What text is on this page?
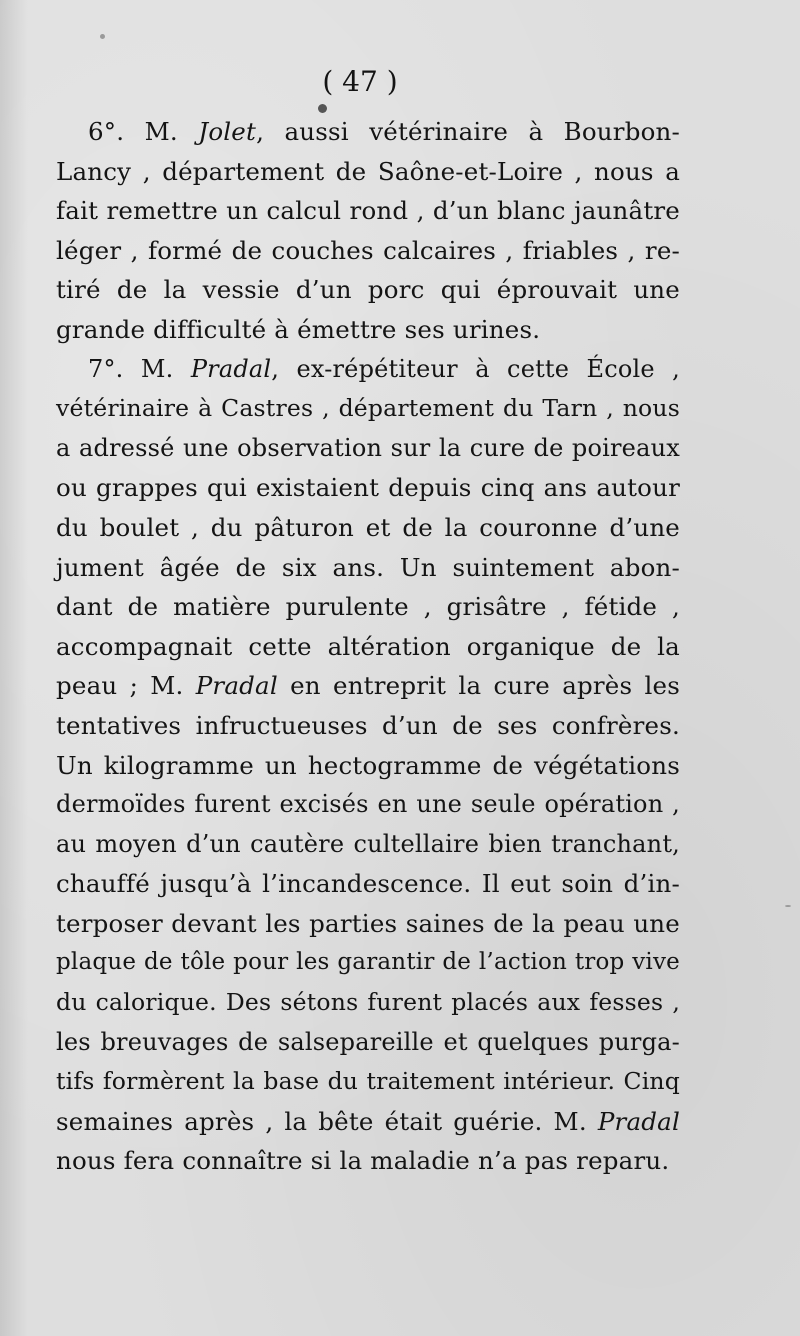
( 47 )
6°. M. Jolet, aussi vétérinaire à Bourbon-
Lancy , département de Saône-et-Loire , nous a
fait remettre un calcul rond , d’un blanc jaunâtre
léger , formé de couches calcaires , friables , re-
tiré de la vessie d’un porc qui éprouvait une
grande difficulté à émettre ses urines.
7°. M. Pradal, ex-répétiteur à cette École ,
vétérinaire à Castres , département du Tarn , nous
a adressé une observation sur la cure de poireaux
ou grappes qui existaient depuis cinq ans autour
du boulet , du pâturon et de la couronne d’une
jument âgée de six ans. Un suintement abon-
dant de matière purulente , grisâtre , fétide ,
accompagnait cette altération organique de la
peau ; M. Pradal en entreprit la cure après les
tentatives infructueuses d’un de ses confrères.
Un kilogramme un hectogramme de végétations
dermoïdes furent excisés en une seule opération ,
au moyen d’un cautère cultellaire bien tranchant,
chauffé jusqu’à l’incandescence. Il eut soin d’in-
terposer devant les parties saines de la peau une
plaque de tôle pour les garantir de l’action trop vive
du calorique. Des sétons furent placés aux fesses ,
les breuvages de salsepareille et quelques purga-
tifs formèrent la base du traitement intérieur. Cinq
semaines après , la bête était guérie. M. Pradal
nous fera connaître si la maladie n’a pas reparu.
